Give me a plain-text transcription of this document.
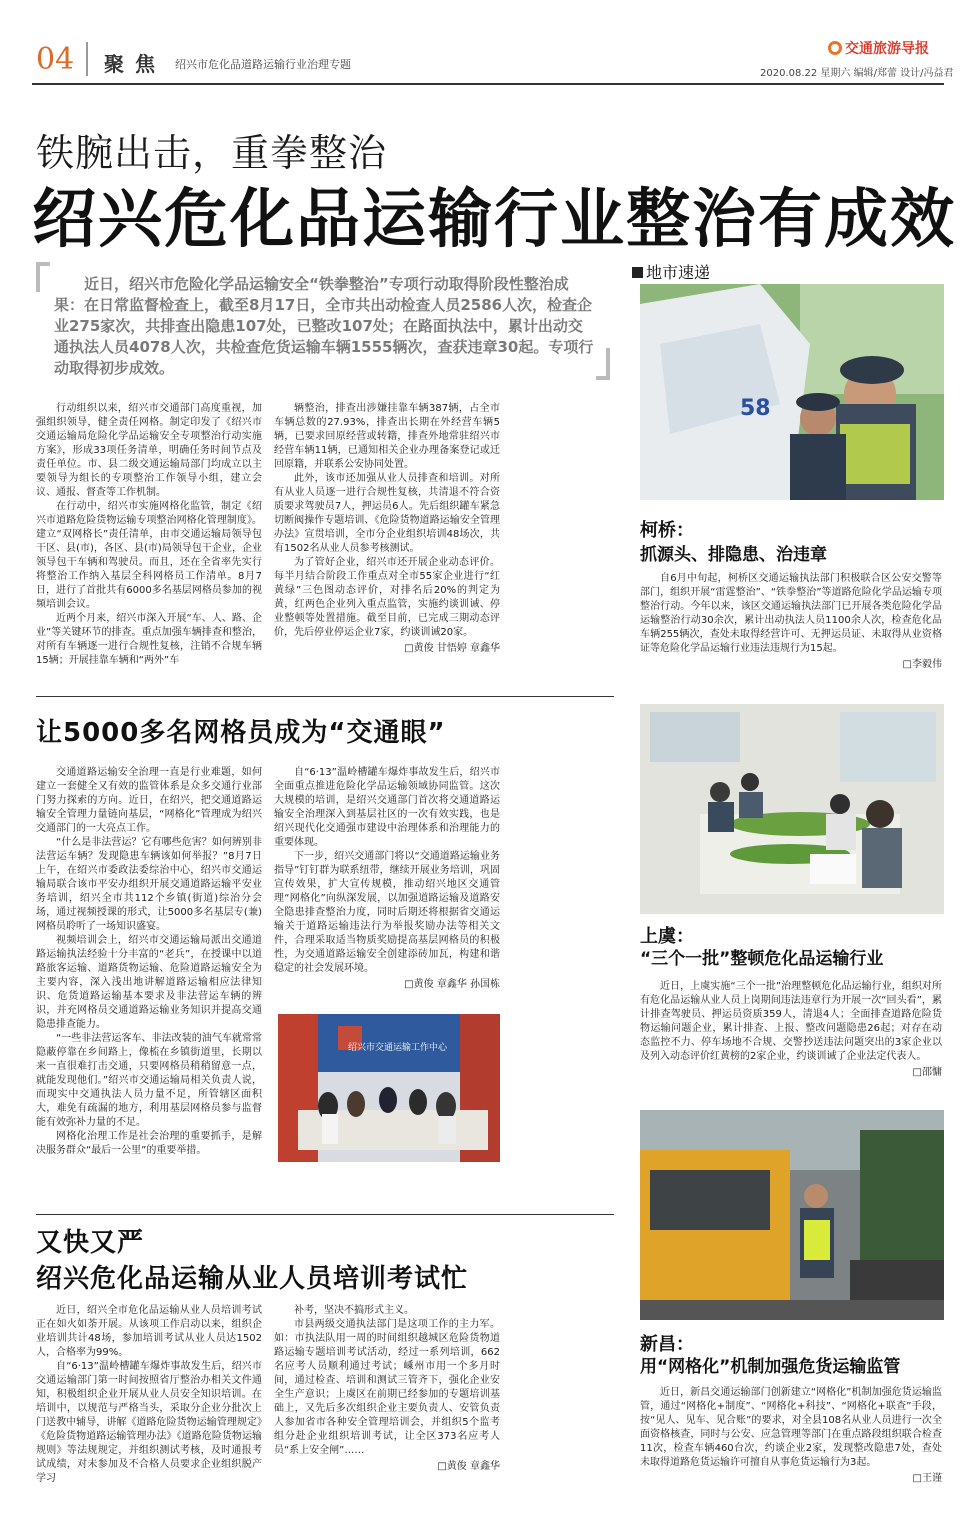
04 聚 焦 绍兴市危化品道路运输行业治理专题
交通旅游导报
2020.08.22 星期六 编辑/郑蕾 设计/冯益君
铁腕出击，重拳整治
绍兴危化品运输行业整治有成效
近日，绍兴市危险化学品运输安全“铁拳整治”专项行动取得阶段性整治成果：在日常监督检查上，截至8月17日，全市共出动检查人员2586人次，检查企业275家次，共排查出隐患107处，已整改107处；在路面执法中，累计出动交通执法人员4078人次，共检查危货运输车辆1555辆次，查获违章30起。专项行动取得初步成效。

行动组织以来，绍兴市交通部门高度重视，加强组织领导，健全责任网格。制定印发了《绍兴市交通运输局危险化学品运输安全专项整治行动实施方案》，形成33项任务清单，明确任务时间节点及责任单位。市、县二级交通运输局部门均成立以主要领导为组长的专项整治工作领导小组，建立会议、通报、督查等工作机制。

在行动中，绍兴市实施网格化监管，制定《绍兴市道路危险货物运输专项整治网格化管理制度》。建立“双网格长”责任清单，由市交通运输局领导包干区、县(市)，各区、县(市)局领导包干企业，企业领导包干车辆和驾驶员。而且，还在全省率先实行将整治工作纳入基层全科网格员工作清单。8月7日，进行了首批共有6000多名基层网格员参加的视频培训会议。

近两个月来，绍兴市深入开展“车、人、路、企业”等关键环节的排查。重点加强车辆排查和整治，对所有车辆逐一进行合规性复核，注销不合规车辆15辆；开展挂靠车辆和“两外”车

辆整治，排查出涉嫌挂靠车辆387辆，占全市车辆总数的27.93%，排查出长期在外经营车辆5辆，已要求回原经营或转籍，排查外地常驻绍兴市经营车辆11辆，已通知相关企业办理备案登记或迁回原籍，并联系公安协同处置。

此外，该市还加强从业人员排查和培训。对所有从业人员逐一进行合规性复核，共清退不符合资质要求驾驶员7人，押运员6人。先后组织罐车紧急切断阀操作专题培训、《危险货物道路运输安全管理办法》宣贯培训，全市分企业组织培训48场次，共有1502名从业人员参考核测试。

为了管好企业，绍兴市还开展企业动态评价。每半月结合阶段工作重点对全市55家企业进行“红黄绿”三色图动态评价，对排名后20%的判定为黄，红两色企业列入重点监管，实施约谈训诫、停业整顿等处置措施。截至目前，已完成三期动态评价，先后停业停运企业7家，约谈训诫20家。

□黄俊 甘悟婷 章鑫华
让5000多名网格员成为“交通眼”

交通道路运输安全治理一直是行业难题，如何建立一套健全又有效的监管体系是众多交通行业部门努力探索的方向。近日，在绍兴，把交通道路运输安全管理力量链向基层，“网格化”管理成为绍兴交通部门的一大亮点工作。

“什么是非法营运？它有哪些危害？如何辨别非法营运车辆？发现隐患车辆该如何举报？”8月7日上午，在绍兴市委政法委综治中心，绍兴市交通运输局联合该市平安办组织开展交通道路运输平安业务培训，绍兴全市共112个乡镇(街道)综治分会场，通过视频授课的形式，让5000多名基层专(兼)网格员聆听了一场知识盛宴。

视频培训会上，绍兴市交通运输局派出交通道路运输执法经验十分丰富的“老兵”，在授课中以道路旅客运输、道路货物运输、危险道路运输安全为主要内容，深入浅出地讲解道路运输相应法律知识、危货道路运输基本要求及非法营运车辆的辨识，并充网格员交通道路运输业务知识并提高交通隐患排查能力。

“一些非法营运客车、非法改装的油气车就常常隐蔽停靠在乡间路上，像梳在乡镇街道里，长期以来一直很难打击交通，只要网格员稍稍留意一点，就能发现他们。”绍兴市交通运输局相关负责人说，而现实中交通执法人员力量不足，所管辖区面积大，难免有疏漏的地方，利用基层网格员参与监督能有效弥补力量的不足。

网格化治理工作是社会治理的重要抓手，是解决服务群众“最后一公里”的重要举措。

自“6·13”温岭槽罐车爆炸事故发生后，绍兴市全面重点推进危险化学品运输领域协同监管。这次大规模的培训，是绍兴交通部门首次将交通道路运输安全治理深入到基层社区的一次有效实践，也是绍兴现代化交通强市建设中治理体系和治理能力的重要体现。

下一步，绍兴交通部门将以“交通道路运输业务指导”钉钉群为联系纽带，继续开展业务培训，巩固宣传效果，扩大宣传规模，推动绍兴地区交通管理“网格化”向纵深发展，以加强道路运输及道路安全隐患排查整治力度，同时后期还将根据省交通运输关于道路运输违法行为举报奖励办法等相关文件，合理采取适当物质奖励提高基层网格员的积极性，为交通道路运输安全创建添砖加瓦，构建和谐稳定的社会发展环境。

□黄俊 章鑫华 孙国栋
绍兴市交通运输工作中心
又快又严
绍兴危化品运输从业人员培训考试忙

近日，绍兴全市危化品运输从业人员培训考试正在如火如荼开展。从该项工作启动以来，组织企业培训共计48场，参加培训考试从业人员达1502人，合格率为99%。

自“6·13”温岭槽罐车爆炸事故发生后，绍兴市交通运输部门第一时间按照省厅整治办相关文件通知，积极组织企业开展从业人员安全知识培训。在培训中，以规范与严格当头，采取分企业分批次上门送教中辅导，讲解《道路危险货物运输管理规定》《危险货物道路运输管理办法》《道路危险货物运输规则》等法规规定，并组织测试考核，及时通报考试成绩，对未参加及不合格人员要求企业组织脱产学习

补考，坚决不搞形式主义。

市县两级交通执法部门是这项工作的主力军。如：市执法队用一周的时间组织越城区危险货物道路运输专题培训考试活动，经过一系列培训，662名应考人员顺利通过考试；嵊州市用一个多月时间，通过检查、培训和测试三管齐下，强化企业安全生产意识；上虞区在前期已经参加的专题培训基础上，又先后多次组织企业主要负责人、安管负责人参加省市各种安全管理培训会，并组织5个监考组分赴企业组织培训考试，让全区373名应考人员“系上安全闸”……

□黄俊 章鑫华
地市速递
58
柯桥：
抓源头、排隐患、治违章

自6月中旬起，柯桥区交通运输执法部门积极联合区公安交警等部门，组织开展“雷霆整治”、“铁拳整治”等道路危险化学品运输专项整治行动。今年以来，该区交通运输执法部门已开展各类危险化学品运输整治行动30余次，累计出动执法人员1100余人次，检查危化品车辆255辆次，查处未取得经营许可、无押运员证、未取得从业资格证等危险化学品运输行业违法违规行为15起。

□李毅伟
上虞：
“三个一批”整顿危化品运输行业

近日，上虞实施“三个一批”治理整顿危化品运输行业，组织对所有危化品运输从业人员上岗期间违法违章行为开展一次“回头看”，累计排查驾驶员、押运员资质359人，清退4人；全面排查道路危险货物运输问题企业，累计排查、上报、整改问题隐患26起；对存在动态监控不力、停车场地不合规、交警抄送违法问题突出的3家企业以及列入动态评价红黄榜的2家企业，约谈训诫了企业法定代表人。

□邵慵
新昌：
用“网格化”机制加强危货运输监管

近日，新昌交通运输部门创新建立“网格化”机制加强危货运输监管，通过“网格化+制度”、“网格化+科技”、“网格化+联查”手段，按“见人、见车、见合账”的要求，对全县108名从业人员进行一次全面资格核查，同时与公安、应急管理等部门在重点路段组织联合检查11次，检查车辆460台次，约谈企业2家，发现整改隐患7处，查处未取得道路危货运输许可擅自从事危货运输行为3起。

□王谨
